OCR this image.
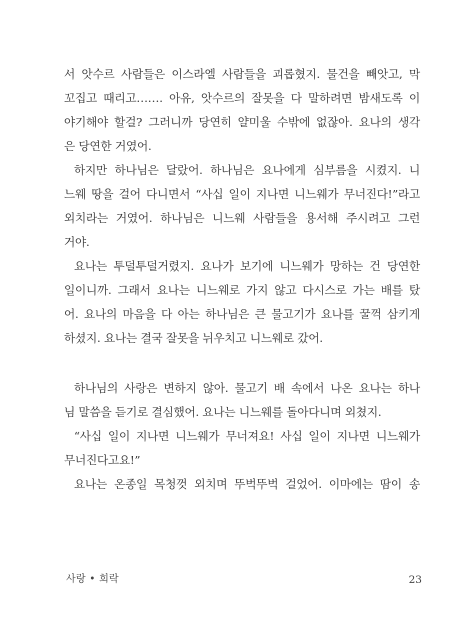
서 앗수르 사람들은 이스라엘 사람들을 괴롭혔지. 물건을 빼앗고, 막
꼬집고 때리고……. 아유, 앗수르의 잘못을 다 말하려면 밤새도록 이
야기해야 할걸? 그러니까 당연히 얄미울 수밖에 없잖아. 요나의 생각
은 당연한 거였어.
하지만 하나님은 달랐어. 하나님은 요나에게 심부름을 시켰지. 니
느웨 땅을 걸어 다니면서 “사십 일이 지나면 니느웨가 무너진다!”라고
외치라는 거였어. 하나님은 니느웨 사람들을 용서해 주시려고 그런
거야.
요나는 투덜투덜거렸지. 요나가 보기에 니느웨가 망하는 건 당연한
일이니까. 그래서 요나는 니느웨로 가지 않고 다시스로 가는 배를 탔
어. 요나의 마음을 다 아는 하나님은 큰 물고기가 요나를 꿀꺽 삼키게
하셨지. 요나는 결국 잘못을 뉘우치고 니느웨로 갔어.
하나님의 사랑은 변하지 않아. 물고기 배 속에서 나온 요나는 하나
님 말씀을 듣기로 결심했어. 요나는 니느웨를 돌아다니며 외쳤지.
“사십 일이 지나면 니느웨가 무너져요! 사십 일이 지나면 니느웨가
무너진다고요!”
요나는 온종일 목청껏 외치며 뚜벅뚜벅 걸었어. 이마에는 땀이 송
사랑 • 희락	23
